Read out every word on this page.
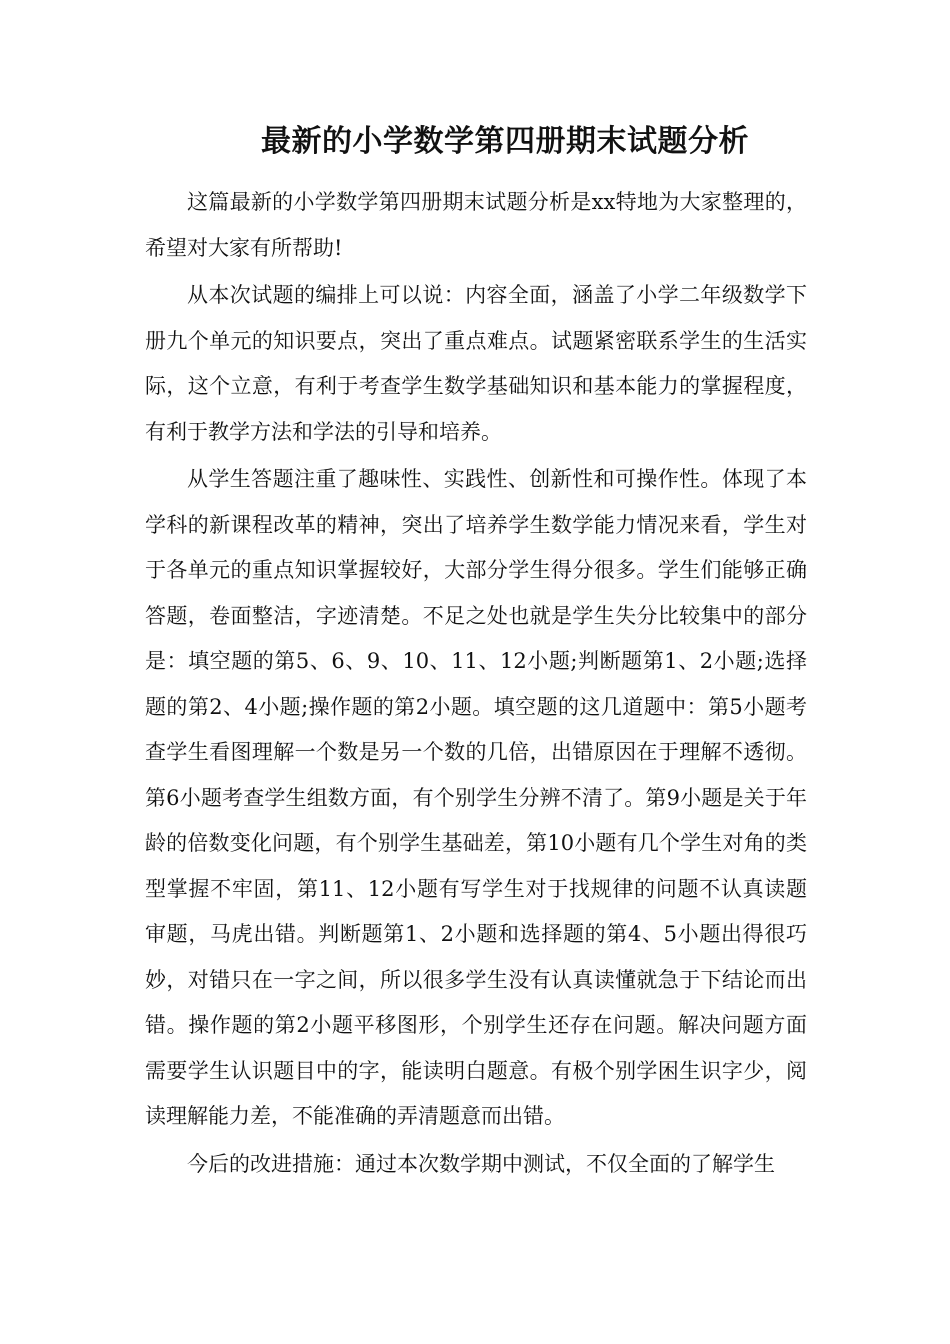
最新的小学数学第四册期末试题分析

这篇最新的小学数学第四册期末试题分析是xx特地为大家整理的，希望对大家有所帮助!

从本次试题的编排上可以说：内容全面，涵盖了小学二年级数学下册九个单元的知识要点，突出了重点难点。试题紧密联系学生的生活实际，这个立意，有利于考查学生数学基础知识和基本能力的掌握程度，有利于教学方法和学法的引导和培养。

从学生答题注重了趣味性、实践性、创新性和可操作性。体现了本学科的新课程改革的精神，突出了培养学生数学能力情况来看，学生对于各单元的重点知识掌握较好，大部分学生得分很多。学生们能够正确答题，卷面整洁，字迹清楚。不足之处也就是学生失分比较集中的部分是：填空题的第5、6、9、10、11、12小题;判断题第1、2小题;选择题的第2、4小题;操作题的第2小题。填空题的这几道题中：第5小题考查学生看图理解一个数是另一个数的几倍，出错原因在于理解不透彻。第6小题考查学生组数方面，有个别学生分辨不清了。第9小题是关于年龄的倍数变化问题，有个别学生基础差，第10小题有几个学生对角的类型掌握不牢固，第11、12小题有写学生对于找规律的问题不认真读题审题，马虎出错。判断题第1、2小题和选择题的第4、5小题出得很巧妙，对错只在一字之间，所以很多学生没有认真读懂就急于下结论而出错。操作题的第2小题平移图形，个别学生还存在问题。解决问题方面需要学生认识题目中的字，能读明白题意。有极个别学困生识字少，阅读理解能力差，不能准确的弄清题意而出错。

今后的改进措施：通过本次数学期中测试，不仅全面的了解学生
